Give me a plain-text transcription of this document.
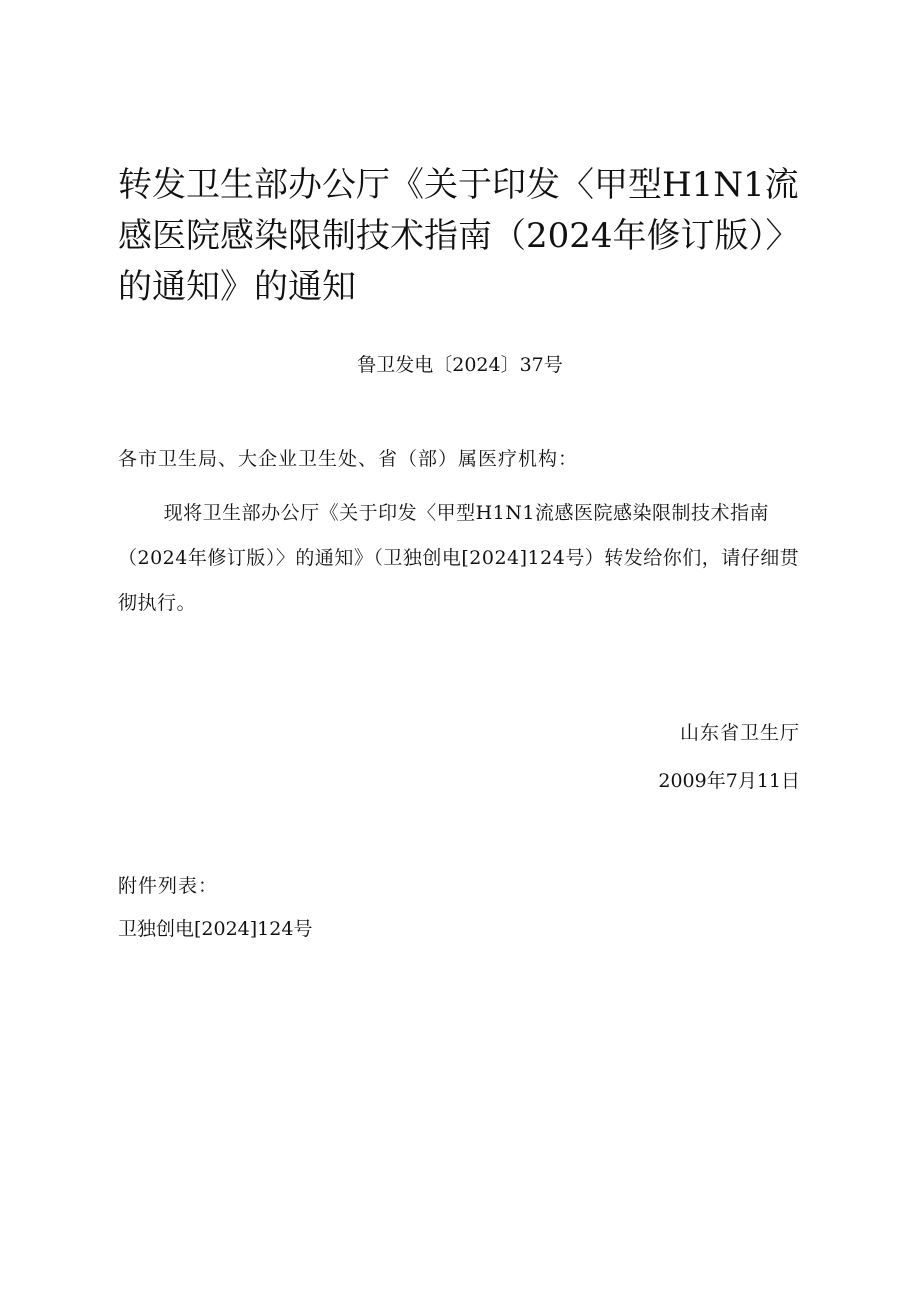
转发卫生部办公厅《关于印发〈甲型H1N1流感医院感染限制技术指南（2024年修订版）〉的通知》的通知
鲁卫发电〔2024〕37号
各市卫生局、大企业卫生处、省（部）属医疗机构：

现将卫生部办公厅《关于印发〈甲型H1N1流感医院感染限制技术指南（2024年修订版）〉的通知》（卫独创电[2024]124号）转发给你们，请仔细贯彻执行。

山东省卫生厅
2009年7月11日
附件列表：
卫独创电[2024]124号
